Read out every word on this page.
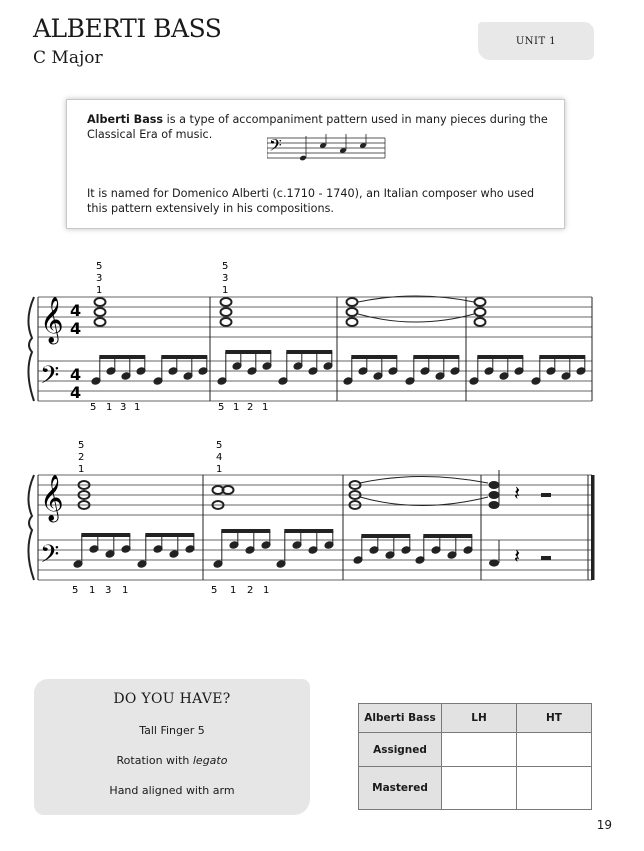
ALBERTI BASS
C Major
UNIT 1
Alberti Bass is a type of accompaniment pattern used in many pieces during the Classical Era of music.
𝄢
It is named for Domenico Alberti (c.1710 - 1740), an Italian composer who used this pattern extensively in his compositions.
𝄞
𝄢
4
4
4
4
5
3
1
5
3
1
𝄞
𝄢
𝄽
𝄽
5
2
1
5
4
1
5 1 3 1	5 1 2 1
5 1 3 1	5 1 2 1
DO YOU HAVE?
Tall Finger 5
Rotation with legato
Hand aligned with arm
Alberti Bass	LH	HT
Assigned		
Mastered		
19
